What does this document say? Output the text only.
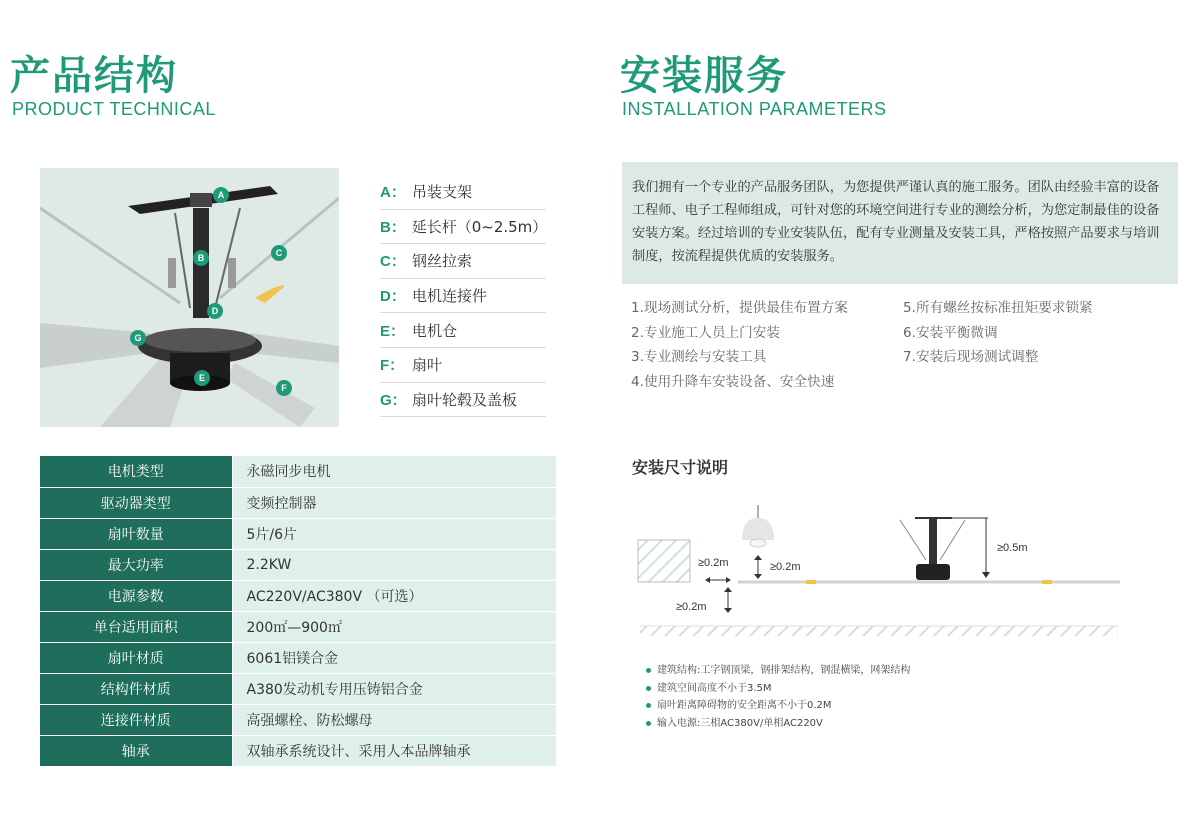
产品结构
PRODUCT TECHNICAL
A
B	C
D
E
F
G
A： 吊装支架
B： 延长杆（0~2.5m）
C： 钢丝拉索
D： 电机连接件
E： 电机仓
F： 扇叶
G： 扇叶轮毂及盖板
电机类型	永磁同步电机
驱动器类型	变频控制器
扇叶数量	5片/6片
最大功率	2.2KW
电源参数	AC220V/AC380V （可选）
单台适用面积	200㎡—900㎡
扇叶材质	6061铝镁合金
结构件材质	A380发动机专用压铸铝合金
连接件材质	高强螺栓、防松螺母
轴承	双轴承系统设计、采用人本品牌轴承
安装服务
INSTALLATION PARAMETERS
我们拥有一个专业的产品服务团队，为您提供严谨认真的施工服务。团队由经验丰富的设备工程师、电子工程师组成，可针对您的环境空间进行专业的测绘分析，为您定制最佳的设备安装方案。经过培训的专业安装队伍，配有专业测量及安装工具，严格按照产品要求与培训制度，按流程提供优质的安装服务。
1.现场测试分析，提供最佳布置方案
2.专业施工人员上门安装
3.专业测绘与安装工具
4.使用升降车安装设备、安全快速
5.所有螺丝按标准扭矩要求锁紧
6.安装平衡微调
7.安装后现场测试调整
安装尺寸说明
≥0.5m
≥0.2m
≥0.2m
≥0.2m
建筑结构:工字钢顶梁，钢排架结构，钢混横梁，网架结构
建筑空间高度不小于3.5M
扇叶距离障碍物的安全距离不小于0.2M
输入电源:三相AC380V/单相AC220V
